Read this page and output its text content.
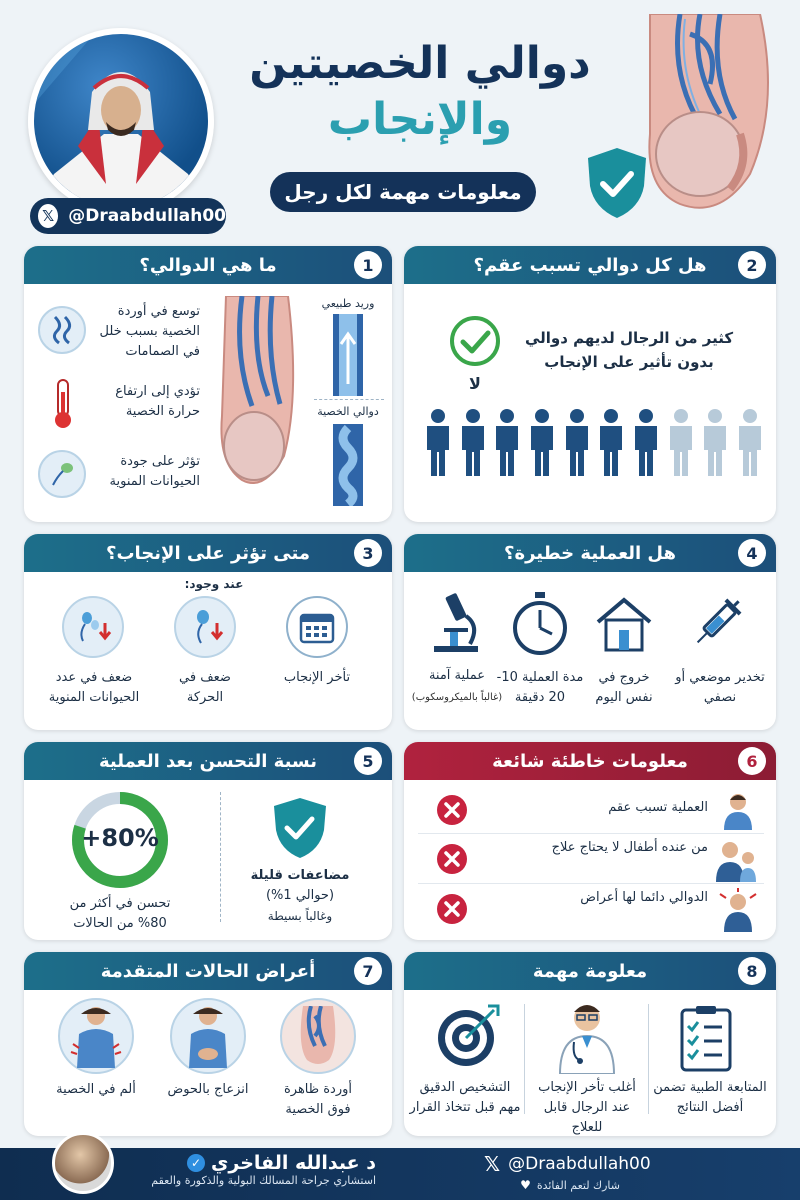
𝕏 @Draabdullah00
دوالي الخصيتين
والإنجاب
معلومات مهمة لكل رجل
ما هي الدوالي؟	1
توسع في أوردة الخصية بسبب خلل في الصمامات
تؤدي إلى ارتفاع حرارة الخصية
تؤثر على جودة الحيوانات المنوية
وريد طبيعي
دوالي الخصية
هل كل دوالي تسبب عقم؟	2
لا
كثير من الرجال لديهم دوالي بدون تأثير على الإنجاب
متى تؤثر على الإنجاب؟	3
عند وجود:
تأخر الإنجاب
ضعف في الحركة
ضعف في عدد الحيوانات المنوية
هل العملية خطيرة؟	4
تخدير موضعي أو نصفي
خروج في نفس اليوم
مدة العملية 10-20 دقيقة
عملية آمنة
(غالباً بالميكروسكوب)
نسبة التحسن بعد العملية	5
+80%
تحسن في أكثر من 80% من الحالات
مضاعفات قليلة
(حوالي 1%)
وغالباً بسيطة
معلومات خاطئة شائعة	6
العملية تسبب عقم
من عنده أطفال لا يحتاج علاج
الدوالي دائما لها أعراض
أعراض الحالات المتقدمة	7
أوردة ظاهرة فوق الخصية
انزعاج بالحوض
ألم في الخصية
معلومة مهمة	8
المتابعة الطبية تضمن أفضل النتائج
أغلب تأخر الإنجاب عند الرجال قابل للعلاج
التشخيص الدقيق مهم قبل تتخاذ القرار
د عبدالله الفاخري
✓
استشاري جراحة المسالك البولية والذكورة والعقم
𝕏 @Draabdullah00
شارك لتعم الفائدة
♥
